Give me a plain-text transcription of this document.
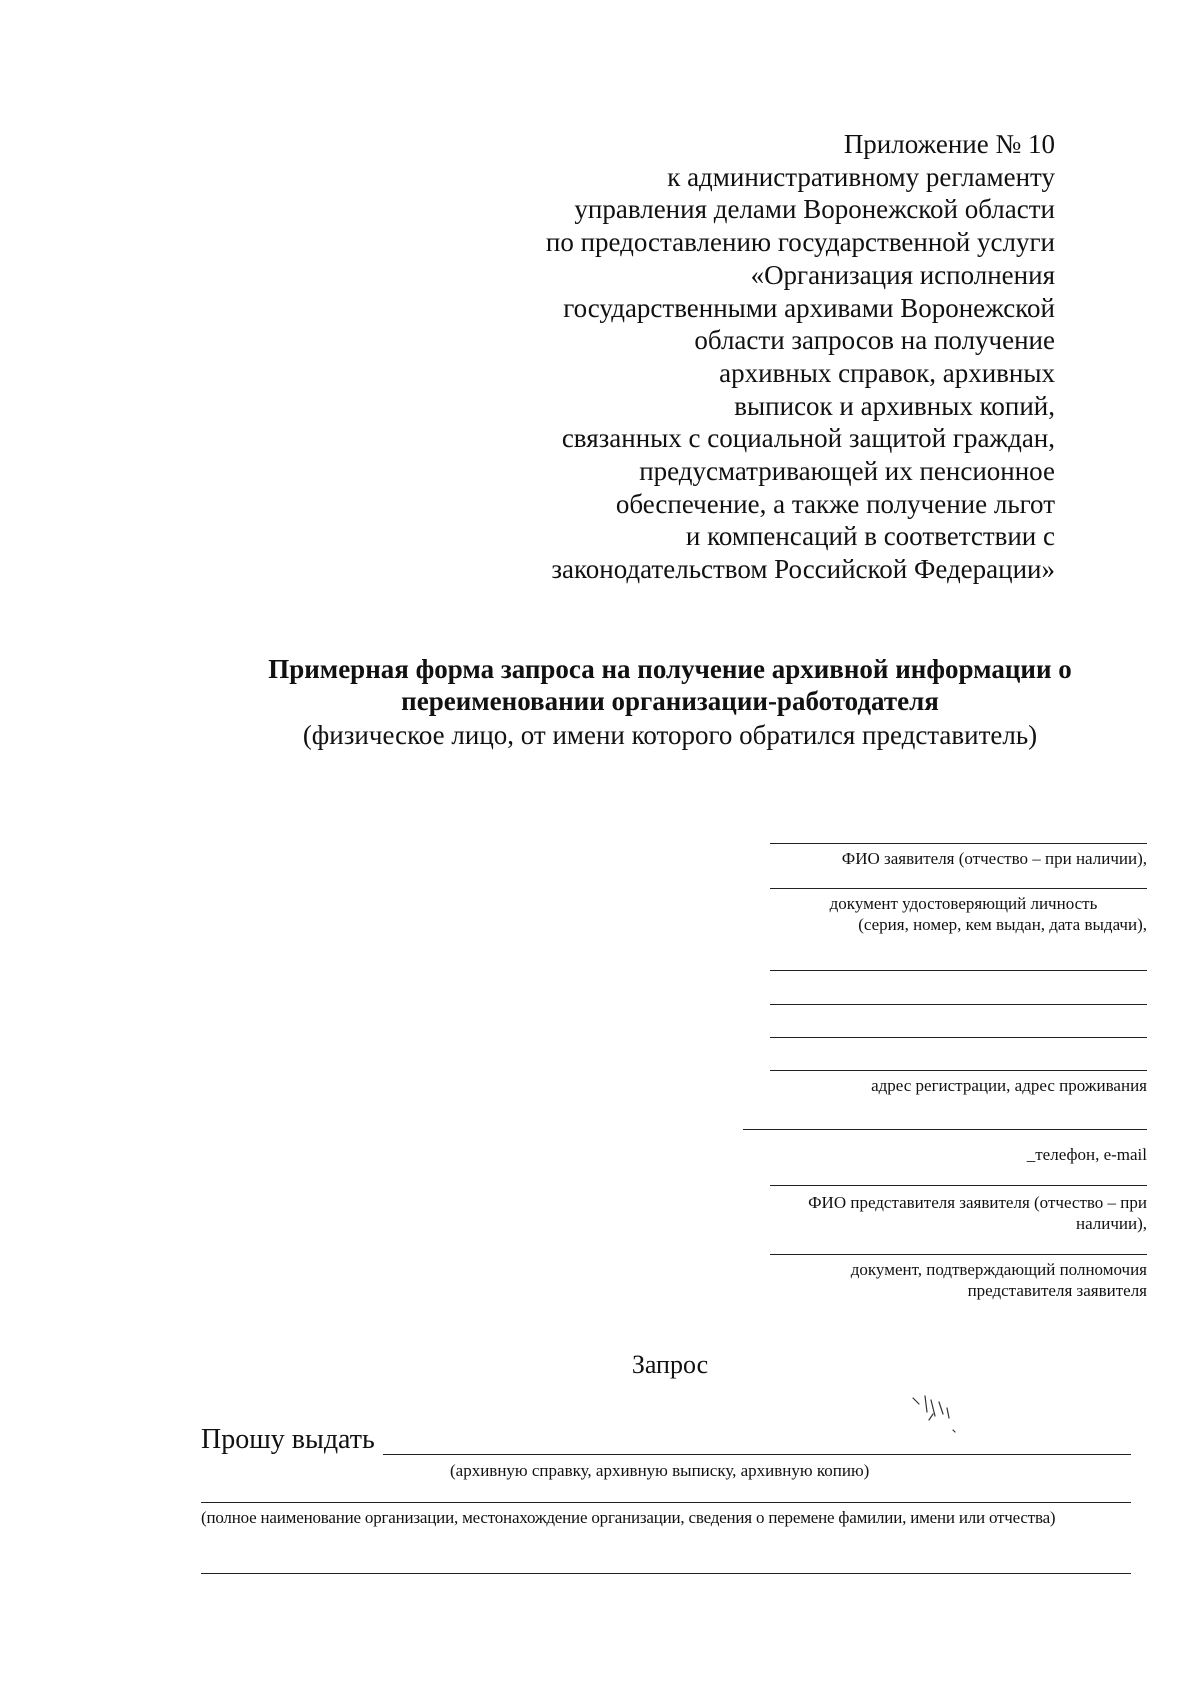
Приложение № 10
к административному регламенту
управления делами Воронежской области
по предоставлению государственной услуги
«Организация исполнения
государственными архивами Воронежской
области запросов на получение
архивных справок, архивных
выписок и архивных копий,
связанных с социальной защитой граждан,
предусматривающей их пенсионное
обеспечение, а также получение льгот
и компенсаций в соответствии с
законодательством Российской Федерации»
Примерная форма запроса на получение архивной информации о
переименовании организации-работодателя
(физическое лицо, от имени которого обратился представитель)
ФИО заявителя (отчество – при наличии),
документ удостоверяющий личность
(серия, номер, кем выдан, дата выдачи),
адрес регистрации, адрес проживания
_телефон, e-mail
ФИО представителя заявителя (отчество – при
наличии),
документ, подтверждающий полномочия
представителя заявителя
Запрос
Прошу выдать
(архивную справку, архивную выписку, архивную копию)
(полное наименование организации, местонахождение организации, сведения о перемене фамилии, имени или отчества)
